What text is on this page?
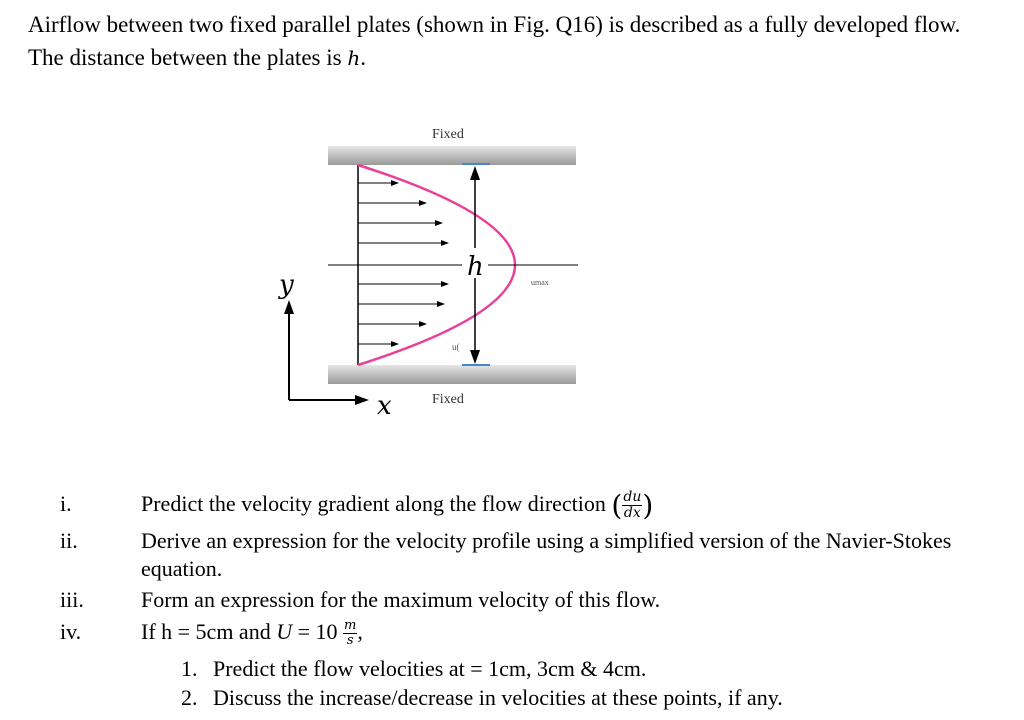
Airflow between two fixed parallel plates (shown in Fig. Q16) is described as a fully developed flow. The distance between the plates is h.
Fixed
Fixed
h
umax
u(
y
x
i.	Predict the velocity gradient along the flow direction ( $\frac{du}{dx}$ )
ii.	Derive an expression for the velocity profile using a simplified version of the Navier-Stokes equation.
iii.	Form an expression for the maximum velocity of this flow.
iv.	If h = 5cm and $U = 10 \frac{m}{s}$ ,
1. Predict the flow velocities at = 1cm, 3cm & 4cm.
2. Discuss the increase/decrease in velocities at these points, if any.
